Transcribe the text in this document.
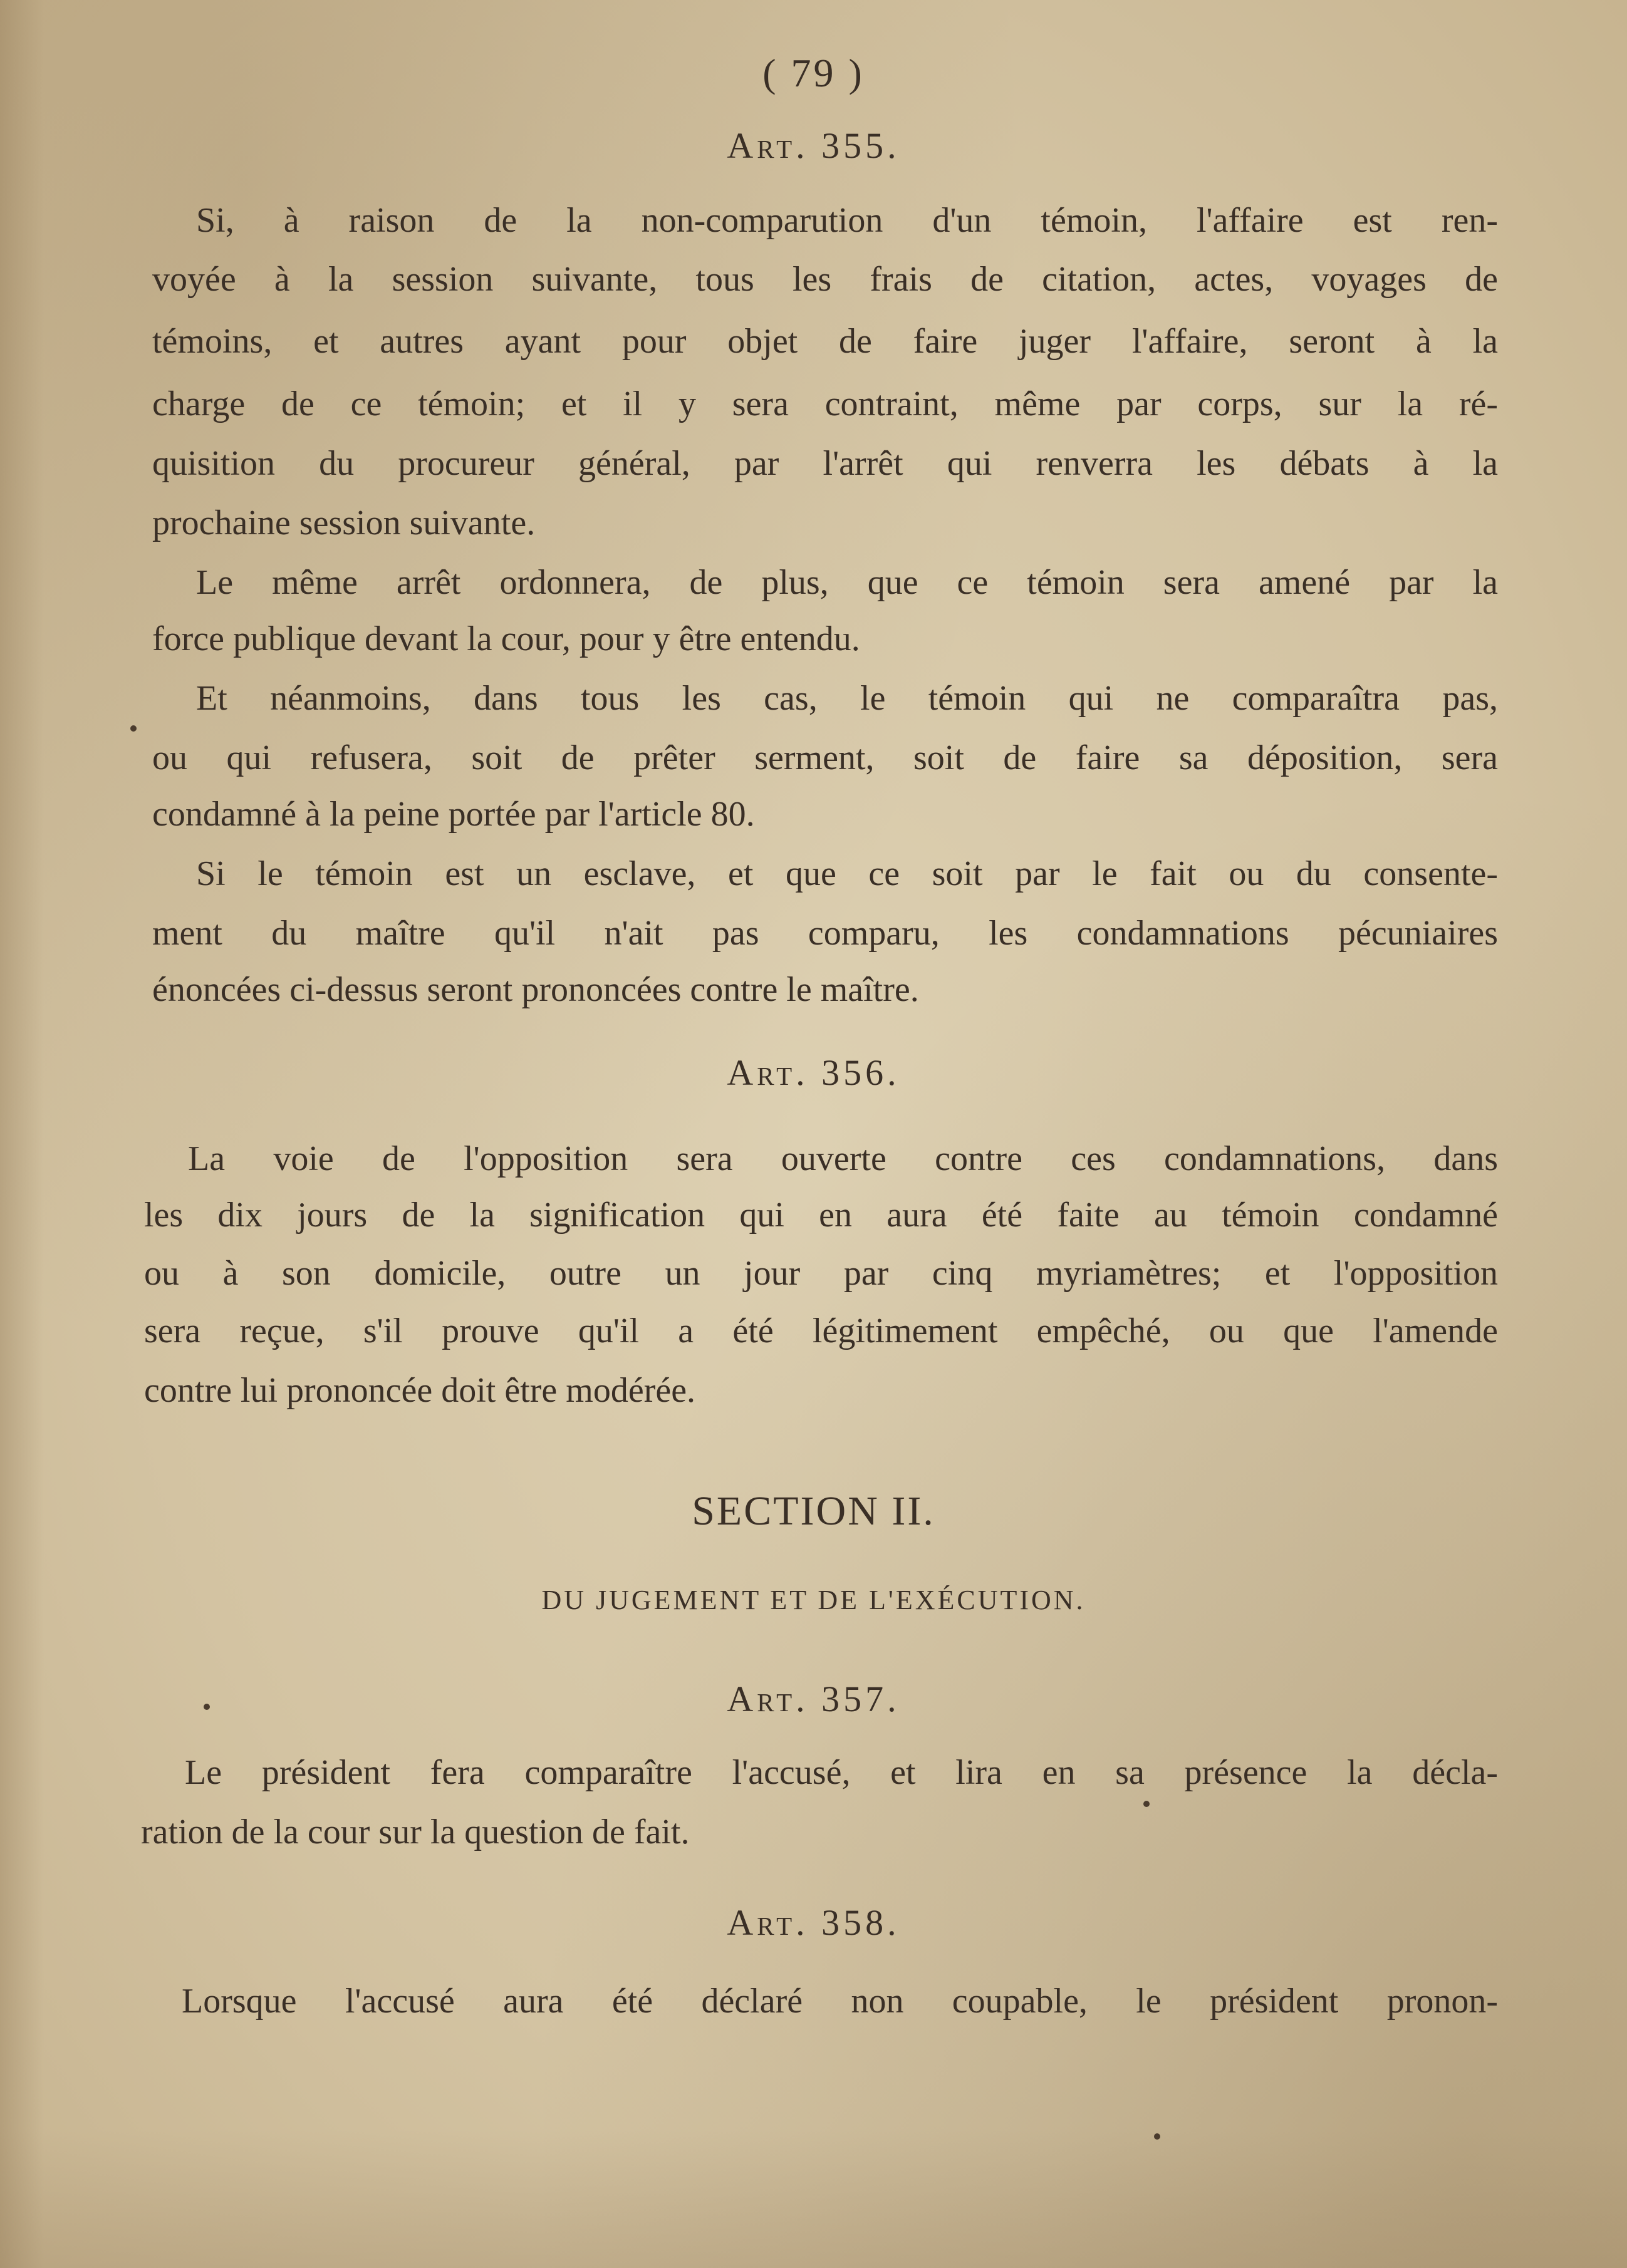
( 79 )
Art. 355.
Si, à raison de la non-comparution d'un témoin, l'affaire est ren-
voyée à la session suivante, tous les frais de citation, actes, voyages de
témoins, et autres ayant pour objet de faire juger l'affaire, seront à la
charge de ce témoin; et il y sera contraint, même par corps, sur la ré-
quisition du procureur général, par l'arrêt qui renverra les débats à la
prochaine session suivante.
Le même arrêt ordonnera, de plus, que ce témoin sera amené par la
force publique devant la cour, pour y être entendu.
Et néanmoins, dans tous les cas, le témoin qui ne comparaîtra pas,
ou qui refusera, soit de prêter serment, soit de faire sa déposition, sera
condamné à la peine portée par l'article 80.
Si le témoin est un esclave, et que ce soit par le fait ou du consente-
ment du maître qu'il n'ait pas comparu, les condamnations pécuniaires
énoncées ci-dessus seront prononcées contre le maître.
Art. 356.
La voie de l'opposition sera ouverte contre ces condamnations, dans
les dix jours de la signification qui en aura été faite au témoin condamné
ou à son domicile, outre un jour par cinq myriamètres; et l'opposition
sera reçue, s'il prouve qu'il a été légitimement empêché, ou que l'amende
contre lui prononcée doit être modérée.
SECTION II.
DU JUGEMENT ET DE L'EXÉCUTION.
Art. 357.
Le président fera comparaître l'accusé, et lira en sa présence la décla-
ration de la cour sur la question de fait.
Art. 358.
Lorsque l'accusé aura été déclaré non coupable, le président pronon-
